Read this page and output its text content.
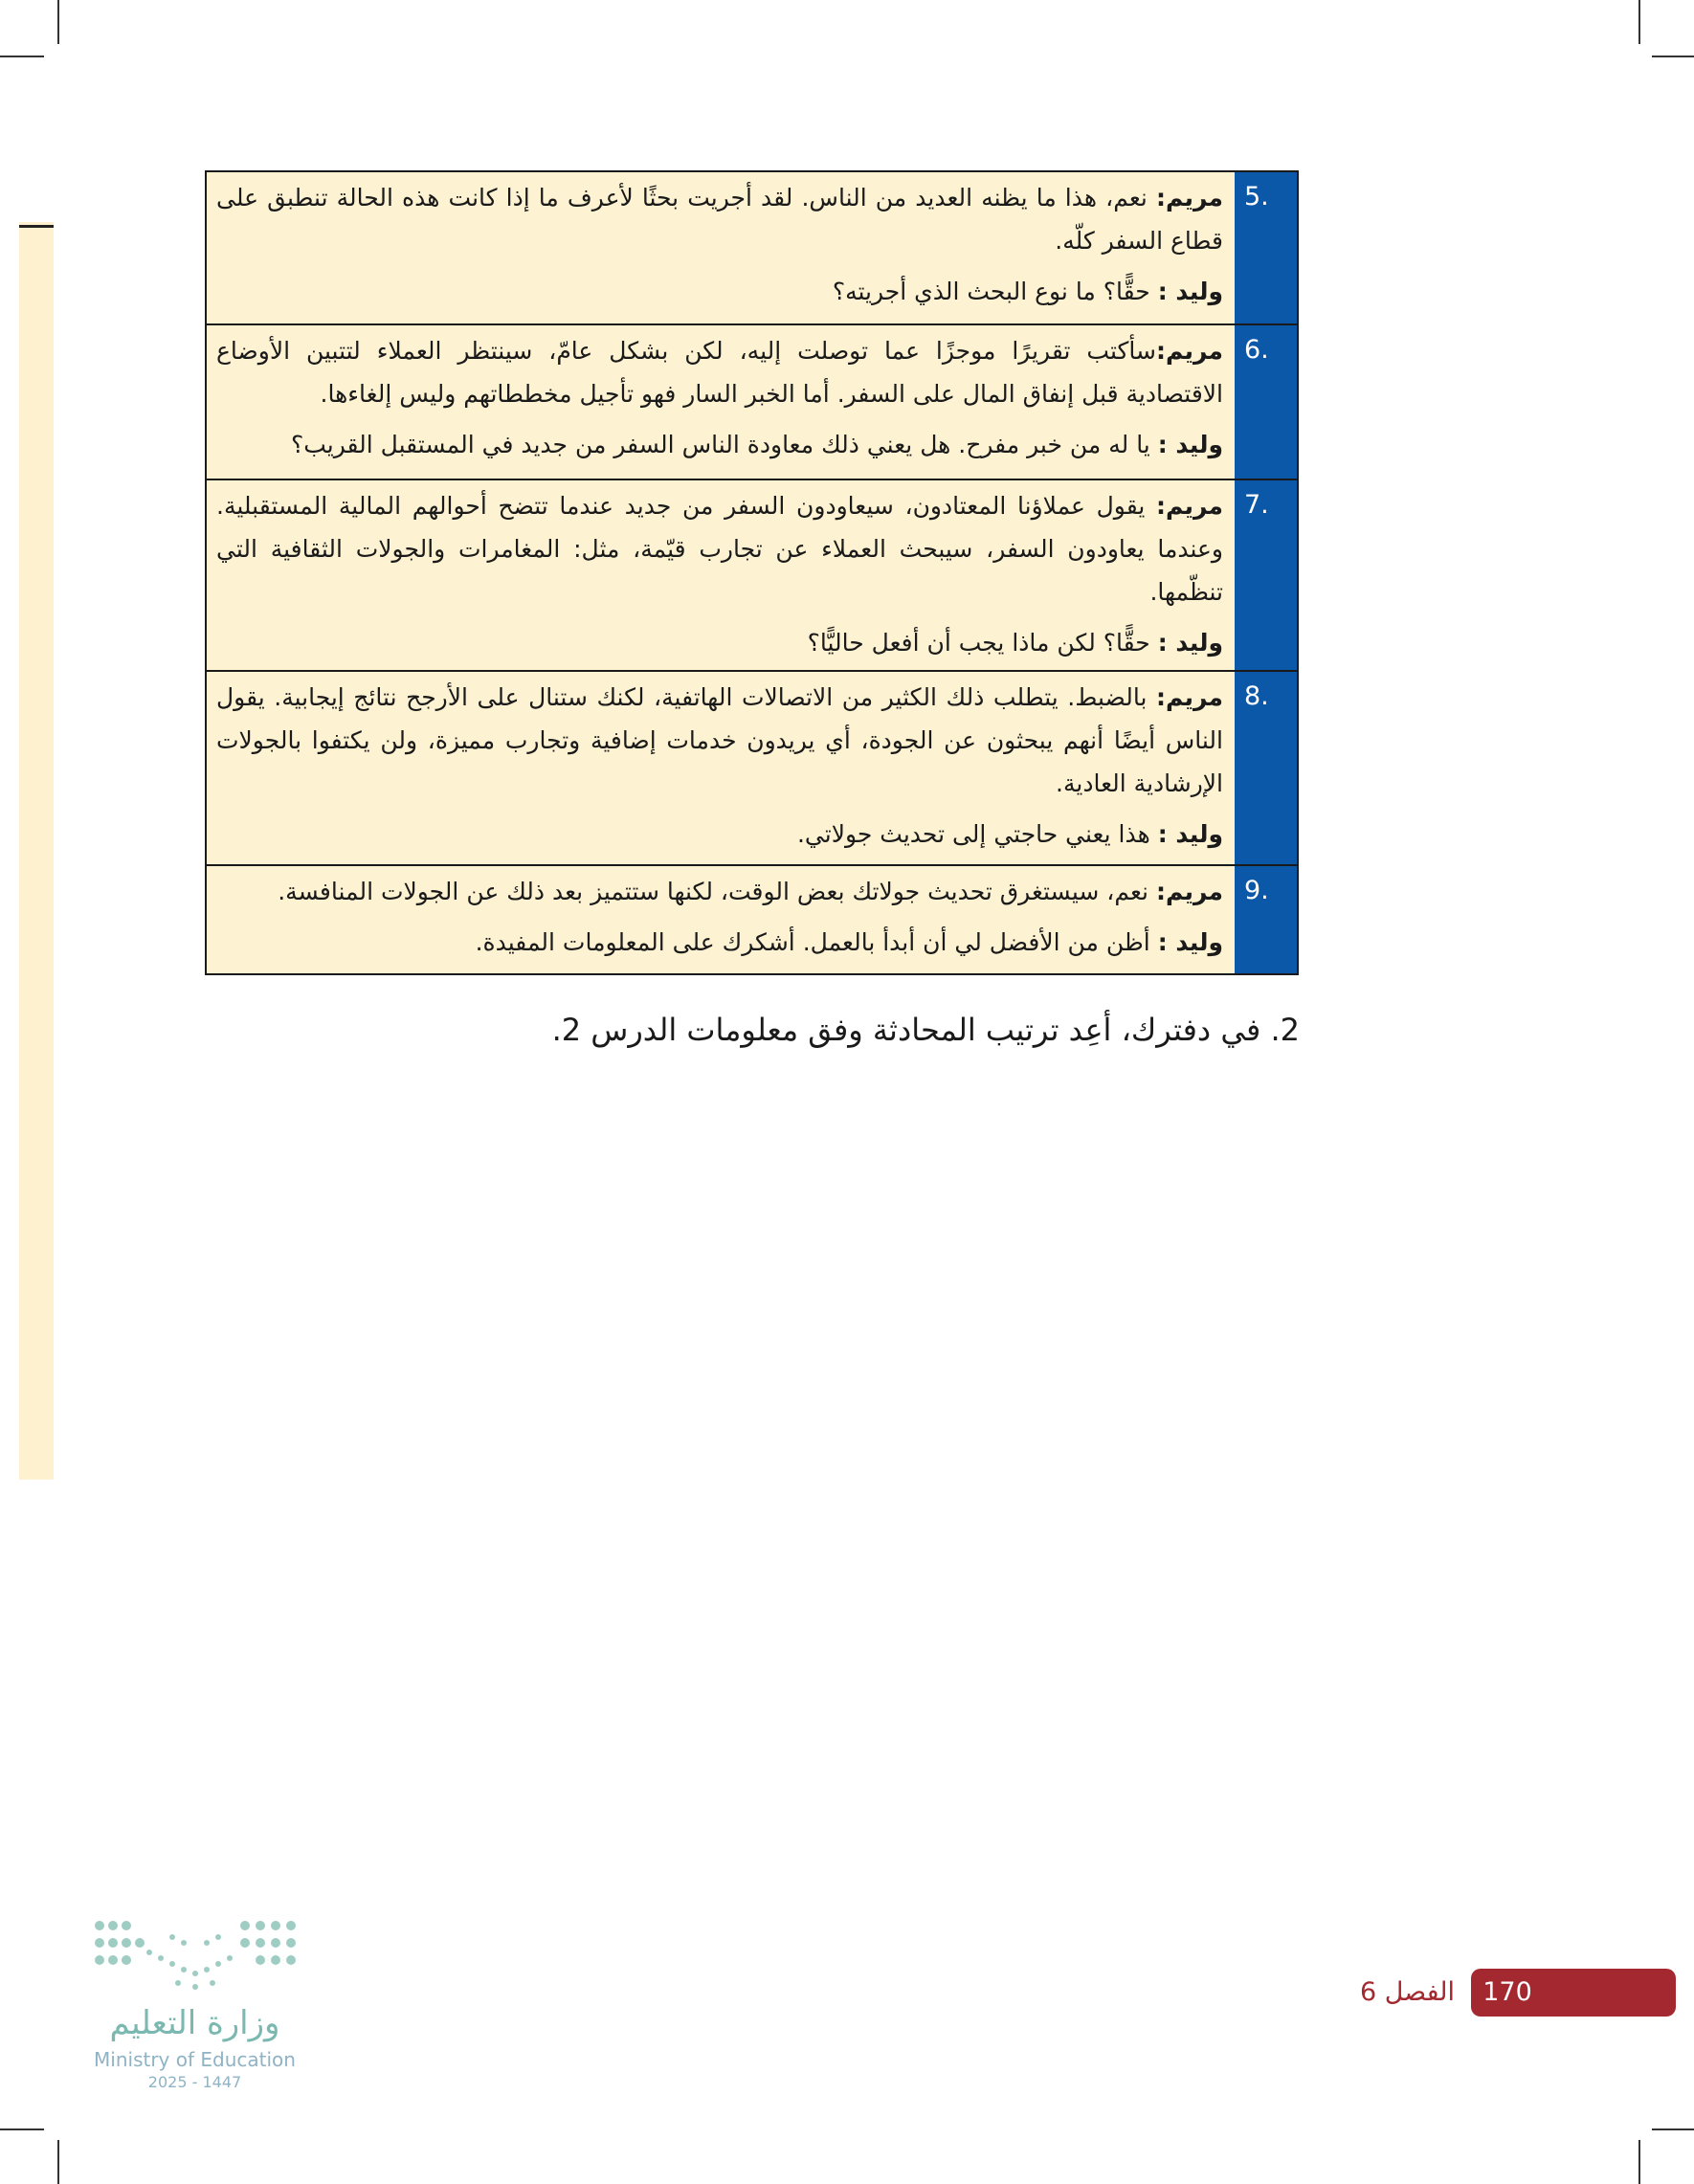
مريم: نعم، هذا ما يظنه العديد من الناس. لقد أجريت بحثًا لأعرف ما إذا كانت هذه الحالة تنطبق على قطاع السفر كلّه.
وليد : حقًّا؟ ما نوع البحث الذي أجريته؟
5.
مريم:سأكتب تقريرًا موجزًا عما توصلت إليه، لكن بشكل عامّ، سينتظر العملاء لتتبين الأوضاع الاقتصادية قبل إنفاق المال على السفر. أما الخبر السار فهو تأجيل مخططاتهم وليس إلغاءها.
وليد : يا له من خبر مفرح. هل يعني ذلك معاودة الناس السفر من جديد في المستقبل القريب؟
6.
مريم: يقول عملاؤنا المعتادون، سيعاودون السفر من جديد عندما تتضح أحوالهم المالية المستقبلية. وعندما يعاودون السفر، سيبحث العملاء عن تجارب قيّمة، مثل: المغامرات والجولات الثقافية التي تنظّمها.
وليد : حقًّا؟ لكن ماذا يجب أن أفعل حاليًّا؟
7.
مريم: بالضبط. يتطلب ذلك الكثير من الاتصالات الهاتفية، لكنك ستنال على الأرجح نتائج إيجابية. يقول الناس أيضًا أنهم يبحثون عن الجودة، أي يريدون خدمات إضافية وتجارب مميزة، ولن يكتفوا بالجولات الإرشادية العادية.
وليد : هذا يعني حاجتي إلى تحديث جولاتي.
8.
مريم: نعم، سيستغرق تحديث جولاتك بعض الوقت، لكنها ستتميز بعد ذلك عن الجولات المنافسة.
وليد : أظن من الأفضل لي أن أبدأ بالعمل. أشكرك على المعلومات المفيدة.
9.
2. في دفترك، أعِد ترتيب المحادثة وفق معلومات الدرس 2.
وزارة التعليم
Ministry of Education
2025 - 1447
170
الفصل 6
